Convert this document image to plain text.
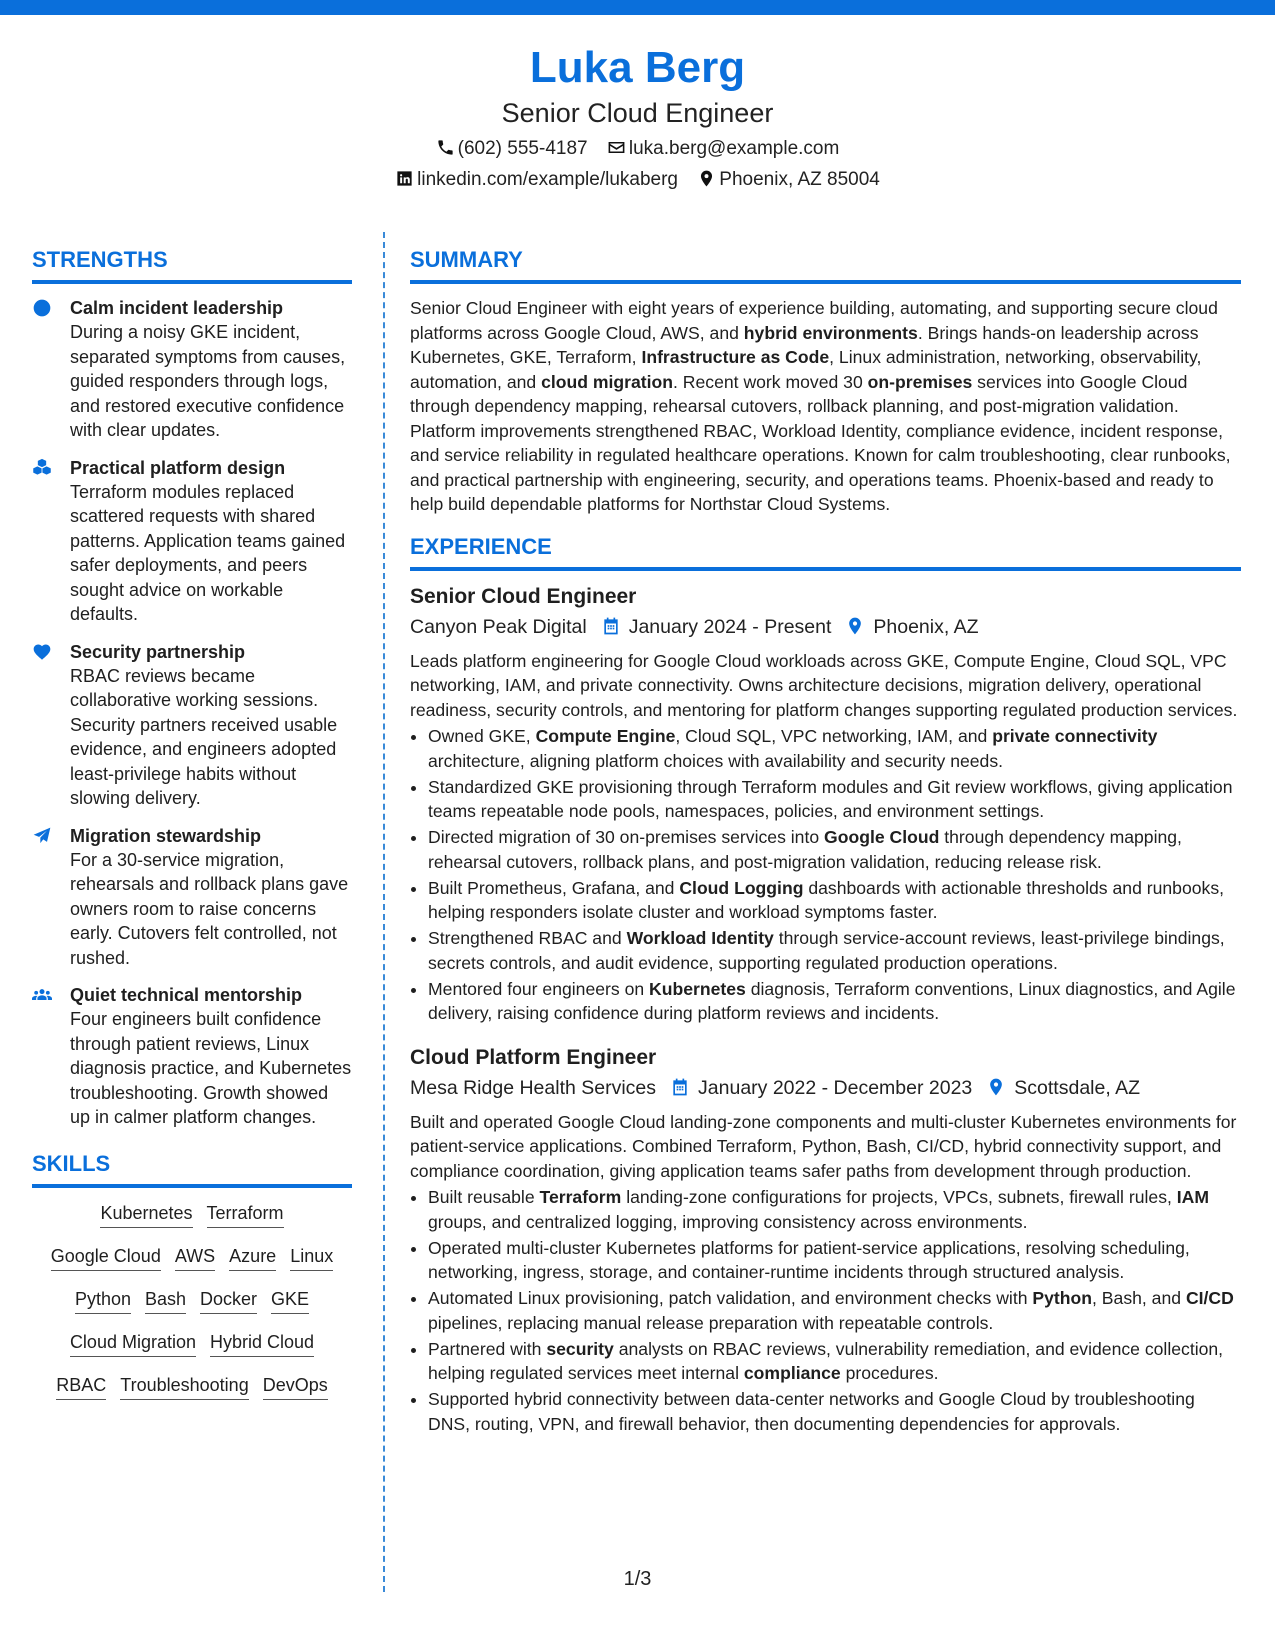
Luka Berg
Senior Cloud Engineer
(602) 555-4187 luka.berg@example.com
linkedin.com/example/lukaberg Phoenix, AZ 85004
STRENGTHS
Calm incident leadership
During a noisy GKE incident, separated symptoms from causes, guided responders through logs, and restored executive confidence with clear updates.
Practical platform design
Terraform modules replaced scattered requests with shared patterns. Application teams gained safer deployments, and peers sought advice on workable defaults.
Security partnership
RBAC reviews became collaborative working sessions. Security partners received usable evidence, and engineers adopted least-privilege habits without slowing delivery.
Migration stewardship
For a 30-service migration, rehearsals and rollback plans gave owners room to raise concerns early. Cutovers felt controlled, not rushed.
Quiet technical mentorship
Four engineers built confidence through patient reviews, Linux diagnosis practice, and Kubernetes troubleshooting. Growth showed up in calmer platform changes.
SKILLS
Kubernetes Terraform
Google Cloud AWS Azure Linux
Python Bash Docker GKE
Cloud Migration Hybrid Cloud
RBAC Troubleshooting DevOps
SUMMARY
Senior Cloud Engineer with eight years of experience building, automating, and supporting secure cloud platforms across Google Cloud, AWS, and hybrid environments. Brings hands-on leadership across Kubernetes, GKE, Terraform, Infrastructure as Code, Linux administration, networking, observability, automation, and cloud migration. Recent work moved 30 on-premises services into Google Cloud through dependency mapping, rehearsal cutovers, rollback planning, and post-migration validation. Platform improvements strengthened RBAC, Workload Identity, compliance evidence, incident response, and service reliability in regulated healthcare operations. Known for calm troubleshooting, clear runbooks, and practical partnership with engineering, security, and operations teams. Phoenix-based and ready to help build dependable platforms for Northstar Cloud Systems.
EXPERIENCE
Senior Cloud Engineer
Canyon Peak Digital January 2024 - Present Phoenix, AZ
Leads platform engineering for Google Cloud workloads across GKE, Compute Engine, Cloud SQL, VPC networking, IAM, and private connectivity. Owns architecture decisions, migration delivery, operational readiness, security controls, and mentoring for platform changes supporting regulated production services.
• Owned GKE, Compute Engine, Cloud SQL, VPC networking, IAM, and private connectivity architecture, aligning platform choices with availability and security needs.
• Standardized GKE provisioning through Terraform modules and Git review workflows, giving application teams repeatable node pools, namespaces, policies, and environment settings.
• Directed migration of 30 on-premises services into Google Cloud through dependency mapping, rehearsal cutovers, rollback plans, and post-migration validation, reducing release risk.
• Built Prometheus, Grafana, and Cloud Logging dashboards with actionable thresholds and runbooks, helping responders isolate cluster and workload symptoms faster.
• Strengthened RBAC and Workload Identity through service-account reviews, least-privilege bindings, secrets controls, and audit evidence, supporting regulated production operations.
• Mentored four engineers on Kubernetes diagnosis, Terraform conventions, Linux diagnostics, and Agile delivery, raising confidence during platform reviews and incidents.
Cloud Platform Engineer
Mesa Ridge Health Services January 2022 - December 2023 Scottsdale, AZ
Built and operated Google Cloud landing-zone components and multi-cluster Kubernetes environments for patient-service applications. Combined Terraform, Python, Bash, CI/CD, hybrid connectivity support, and compliance coordination, giving application teams safer paths from development through production.
• Built reusable Terraform landing-zone configurations for projects, VPCs, subnets, firewall rules, IAM groups, and centralized logging, improving consistency across environments.
• Operated multi-cluster Kubernetes platforms for patient-service applications, resolving scheduling, networking, ingress, storage, and container-runtime incidents through structured analysis.
• Automated Linux provisioning, patch validation, and environment checks with Python, Bash, and CI/CD pipelines, replacing manual release preparation with repeatable controls.
• Partnered with security analysts on RBAC reviews, vulnerability remediation, and evidence collection, helping regulated services meet internal compliance procedures.
• Supported hybrid connectivity between data-center networks and Google Cloud by troubleshooting DNS, routing, VPN, and firewall behavior, then documenting dependencies for approvals.
1/3
